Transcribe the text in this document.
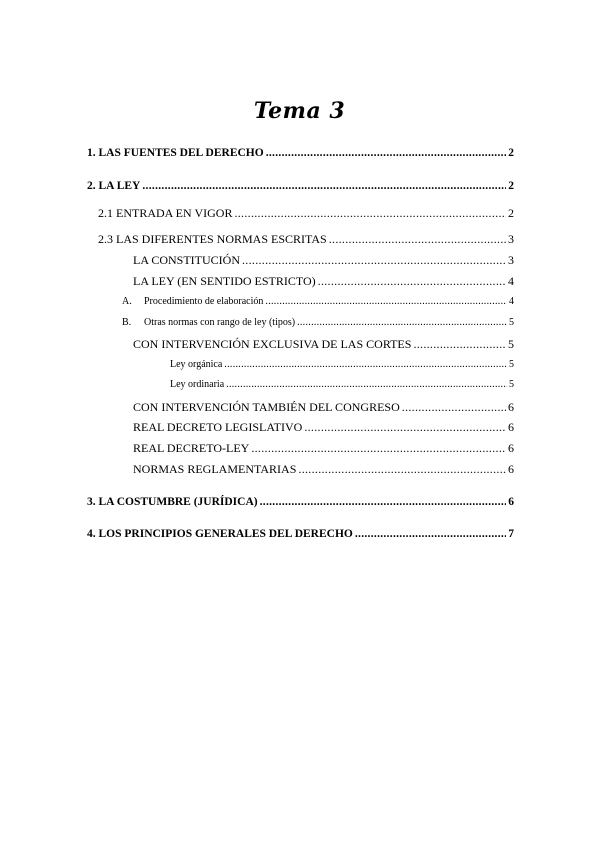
Tema 3
1. LAS FUENTES DEL DERECHO .....	2
2. LA LEY .....	2
2.1 ENTRADA EN VIGOR .....	2
2.3 LAS DIFERENTES NORMAS ESCRITAS .....	3
LA CONSTITUCIÓN .....	3
LA LEY (EN SENTIDO ESTRICTO) .....	4
A. Procedimiento de elaboración .....	4
B. Otras normas con rango de ley (tipos) .....	5
CON INTERVENCIÓN EXCLUSIVA DE LAS CORTES .....	5
Ley orgánica .....	5
Ley ordinaria .....	5
CON INTERVENCIÓN TAMBIÉN DEL CONGRESO .....	6
REAL DECRETO LEGISLATIVO .....	6
REAL DECRETO-LEY .....	6
NORMAS REGLAMENTARIAS .....	6
3. LA COSTUMBRE (JURÍDICA) .....	6
4. LOS PRINCIPIOS GENERALES DEL DERECHO .....	7
